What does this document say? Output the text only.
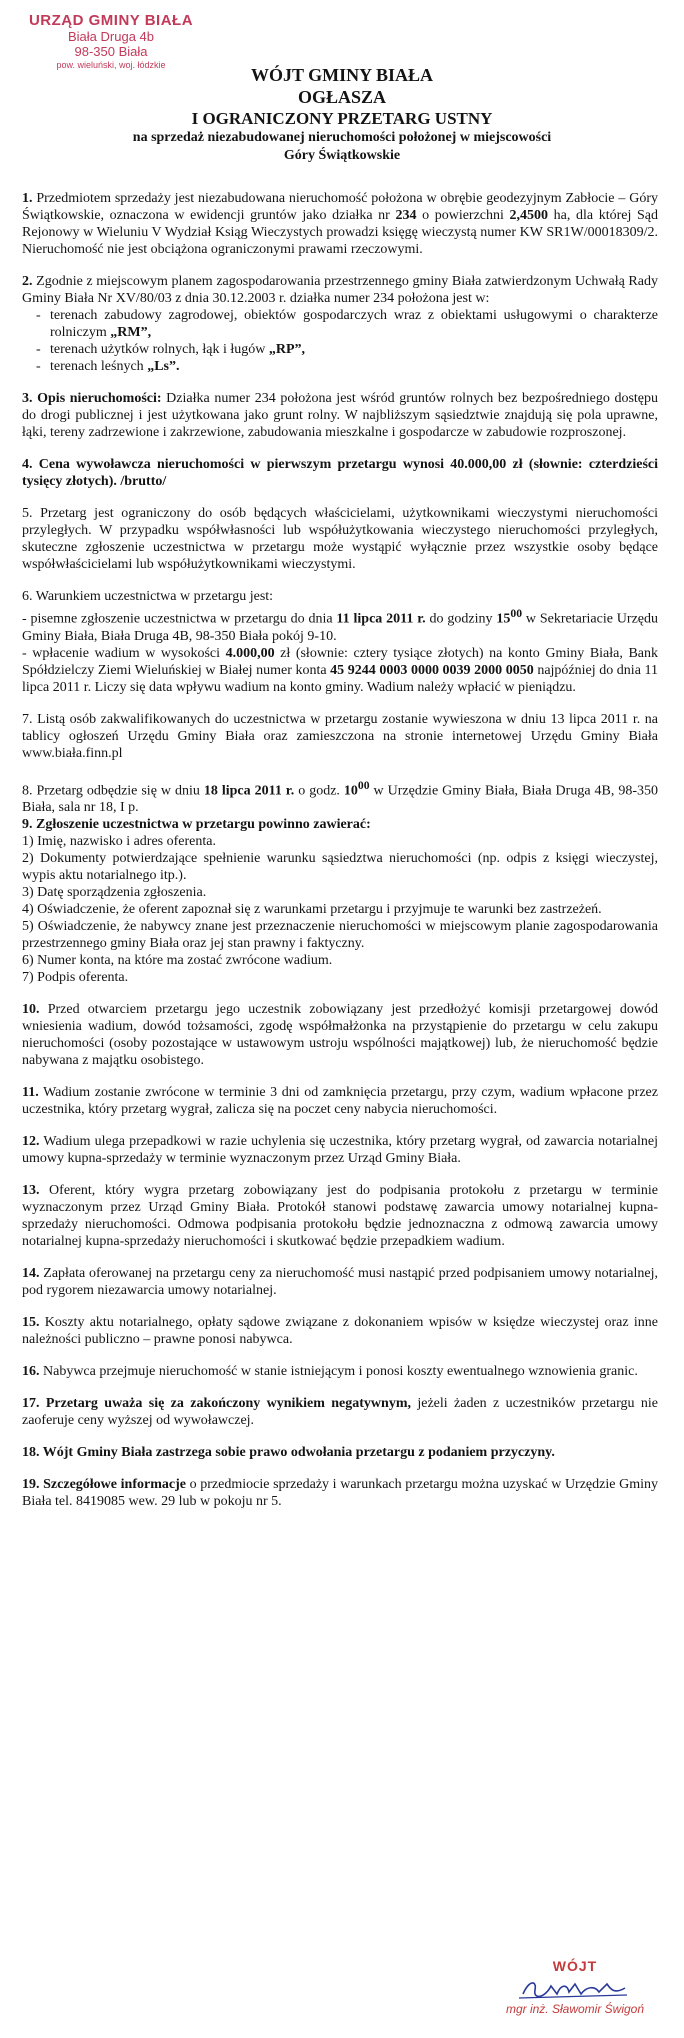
URZĄD GMINY BIAŁA
Biała Druga 4b
98-350 Biała
pow. wieluński, woj. łódzkie	WÓJT GMINY BIAŁA
OGŁASZA
I OGRANICZONY PRZETARG USTNY
na sprzedaż niezabudowanej nieruchomości położonej w miejscowości
Góry Świątkowskie

1. Przedmiotem sprzedaży jest niezabudowana nieruchomość położona w obrębie geodezyjnym Zabłocie – Góry Świątkowskie, oznaczona w ewidencji gruntów jako działka nr 234 o powierzchni 2,4500 ha, dla której Sąd Rejonowy w Wieluniu V Wydział Ksiąg Wieczystych prowadzi księgę wieczystą numer KW SR1W/00018309/2. Nieruchomość nie jest obciążona ograniczonymi prawami rzeczowymi.

2. Zgodnie z miejscowym planem zagospodarowania przestrzennego gminy Biała zatwierdzonym Uchwałą Rady Gminy Biała Nr XV/80/03 z dnia 30.12.2003 r. działka numer 234 położona jest w:

- terenach zabudowy zagrodowej, obiektów gospodarczych wraz z obiektami usługowymi o charakterze rolniczym „RM”,
- terenach użytków rolnych, łąk i ługów „RP”,
- terenach leśnych „Ls”.

3. Opis nieruchomości: Działka numer 234 położona jest wśród gruntów rolnych bez bezpośredniego dostępu do drogi publicznej i jest użytkowana jako grunt rolny. W najbliższym sąsiedztwie znajdują się pola uprawne, łąki, tereny zadrzewione i zakrzewione, zabudowania mieszkalne i gospodarcze w zabudowie rozproszonej.

4. Cena wywoławcza nieruchomości w pierwszym przetargu wynosi 40.000,00 zł (słownie: czterdzieści tysięcy złotych). /brutto/

5. Przetarg jest ograniczony do osób będących właścicielami, użytkownikami wieczystymi nieruchomości przyległych. W przypadku współwłasności lub współużytkowania wieczystego nieruchomości przyległych, skuteczne zgłoszenie uczestnictwa w przetargu może wystąpić wyłącznie przez wszystkie osoby będące współwłaścicielami lub współużytkownikami wieczystymi.

6. Warunkiem uczestnictwa w przetargu jest:

- pisemne zgłoszenie uczestnictwa w przetargu do dnia 11 lipca 2011 r. do godziny $15^{00}$ w Sekretariacie Urzędu Gminy Biała, Biała Druga 4B, 98-350 Biała pokój 9-10.

- wpłacenie wadium w wysokości 4.000,00 zł (słownie: cztery tysiące złotych) na konto Gminy Biała, Bank Spółdzielczy Ziemi Wieluńskiej w Białej numer konta 45 9244 0003 0000 0039 2000 0050 najpóźniej do dnia 11 lipca 2011 r. Liczy się data wpływu wadium na konto gminy. Wadium należy wpłacić w pieniądzu.

7. Listą osób zakwalifikowanych do uczestnictwa w przetargu zostanie wywieszona w dniu 13 lipca 2011 r. na tablicy ogłoszeń Urzędu Gminy Biała oraz zamieszczona na stronie internetowej Urzędu Gminy Biała www.biała.finn.pl

8. Przetarg odbędzie się w dniu 18 lipca 2011 r. o godz. $10^{00}$ w Urzędzie Gminy Biała, Biała Druga 4B, 98-350 Biała, sala nr 18, I p.

9. Zgłoszenie uczestnictwa w przetargu powinno zawierać:
1) Imię, nazwisko i adres oferenta.
2) Dokumenty potwierdzające spełnienie warunku sąsiedztwa nieruchomości (np. odpis z księgi wieczystej, wypis aktu notarialnego itp.).
3) Datę sporządzenia zgłoszenia.
4) Oświadczenie, że oferent zapoznał się z warunkami przetargu i przyjmuje te warunki bez zastrzeżeń.
5) Oświadczenie, że nabywcy znane jest przeznaczenie nieruchomości w miejscowym planie zagospodarowania przestrzennego gminy Biała oraz jej stan prawny i faktyczny.
6) Numer konta, na które ma zostać zwrócone wadium.
7) Podpis oferenta.

10. Przed otwarciem przetargu jego uczestnik zobowiązany jest przedłożyć komisji przetargowej dowód wniesienia wadium, dowód tożsamości, zgodę współmałżonka na przystąpienie do przetargu w celu zakupu nieruchomości (osoby pozostające w ustawowym ustroju wspólności majątkowej) lub, że nieruchomość będzie nabywana z majątku osobistego.

11. Wadium zostanie zwrócone w terminie 3 dni od zamknięcia przetargu, przy czym, wadium wpłacone przez uczestnika, który przetarg wygrał, zalicza się na poczet ceny nabycia nieruchomości.

12. Wadium ulega przepadkowi w razie uchylenia się uczestnika, który przetarg wygrał, od zawarcia notarialnej umowy kupna-sprzedaży w terminie wyznaczonym przez Urząd Gminy Biała.

13. Oferent, który wygra przetarg zobowiązany jest do podpisania protokołu z przetargu w terminie wyznaczonym przez Urząd Gminy Biała. Protokół stanowi podstawę zawarcia umowy notarialnej kupna-sprzedaży nieruchomości. Odmowa podpisania protokołu będzie jednoznaczna z odmową zawarcia umowy notarialnej kupna-sprzedaży nieruchomości i skutkować będzie przepadkiem wadium.

14. Zapłata oferowanej na przetargu ceny za nieruchomość musi nastąpić przed podpisaniem umowy notarialnej, pod rygorem niezawarcia umowy notarialnej.

15. Koszty aktu notarialnego, opłaty sądowe związane z dokonaniem wpisów w księdze wieczystej oraz inne należności publiczno – prawne ponosi nabywca.

16. Nabywca przejmuje nieruchomość w stanie istniejącym i ponosi koszty ewentualnego wznowienia granic.

17. Przetarg uważa się za zakończony wynikiem negatywnym, jeżeli żaden z uczestników przetargu nie zaoferuje ceny wyższej od wywoławczej.

18. Wójt Gminy Biała zastrzega sobie prawo odwołania przetargu z podaniem przyczyny.

19. Szczegółowe informacje o przedmiocie sprzedaży i warunkach przetargu można uzyskać w Urzędzie Gminy Biała tel. 8419085 wew. 29 lub w pokoju nr 5.

WÓJT
mgr inż. Sławomir Świgoń
